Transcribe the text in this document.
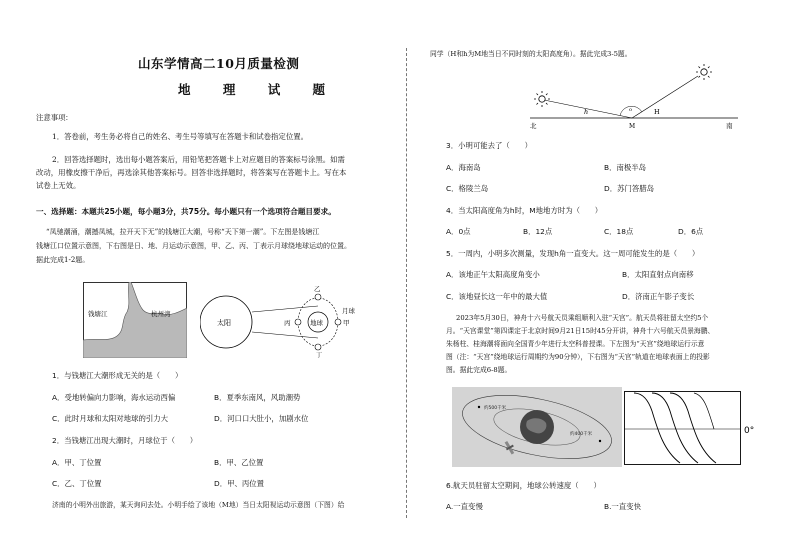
山东学情高二10月质量检测
地 理 试 题
注意事项:
1．答卷前，考生务必将自己的姓名、考生号等填写在答题卡和试卷指定位置。
2．回答选择题时，选出每小题答案后，用铅笔把答题卡上对应题目的答案标号涂黑。如需
改动，用橡皮擦干净后，再选涂其他答案标号。回答非选择题时，将答案写在答题卡上。写在本
试卷上无效。
一、选择题：本题共25小题，每小题3分，共75分。每小题只有一个选项符合题目要求。
“凤驰潮涌，潮撼凤城，拉开天下无”的钱塘江大潮，号称“天下第一潮”。下左图是钱塘江
钱塘江口位置示意图，下右图是日、地、月运动示意图，甲、乙、丙、丁表示月球绕地球运动的位置。
据此完成1-2题。
钱塘江	杭州湾
太阳	地球
乙
丙	甲
丁
月球
1．与钱塘江大潮形成无关的是（　　）
A．受地转偏向力影响，海水运动西偏	B．夏季东南风，风助潮势
C．此时月球和太阳对地球的引力大	D．河口口大肚小，加剧水位
2．当钱塘江出现大潮时，月球位于（　　）
A．甲、丁位置	B．甲、乙位置
C．乙、丁位置	D．甲、丙位置
济南的小明外出旅游，某天询问去处。小明手绘了该地（M地）当日太阳视运动示意图（下图）给
同学（H和h为M地当日不同时刻的太阳高度角）。据此完成3-5题。
北	南
M
h	H
o
3．小明可能去了（　　）
A．海南岛	B．南极半岛
C．格陵兰岛	D．苏门答腊岛
4．当太阳高度角为h时，M地地方时为（　　）
A．0点	B．12点	C．18点	D．6点
5．一周内，小明多次测量，发现h角一直变大。这一周可能发生的是（　　）
A．该地正午太阳高度角变小	B．太阳直射点向南移
C．该地昼长这一年中的最大值	D．济南正午影子变长
2023年5月30日，神舟十六号航天员乘组顺利入驻“天宫”。航天员将驻留太空约5个
月。“天宫课堂”第四课定于北京时间9月21日15时45分开讲，神舟十六号航天员景海鹏、
朱杨柱、桂海潮将面向全国青少年进行太空科普授课。下左图为“天宫”绕地球运行示意
图（注：“天宫”绕地球运行周期约为90分钟），下右图为“天宫”轨道在地球表面上的投影
图。据此完成6-8题。
约500千米
约400千米	0°
6.航天员驻留太空期间，地球公转速度（　　）
A.一直变慢	B.一直变快
